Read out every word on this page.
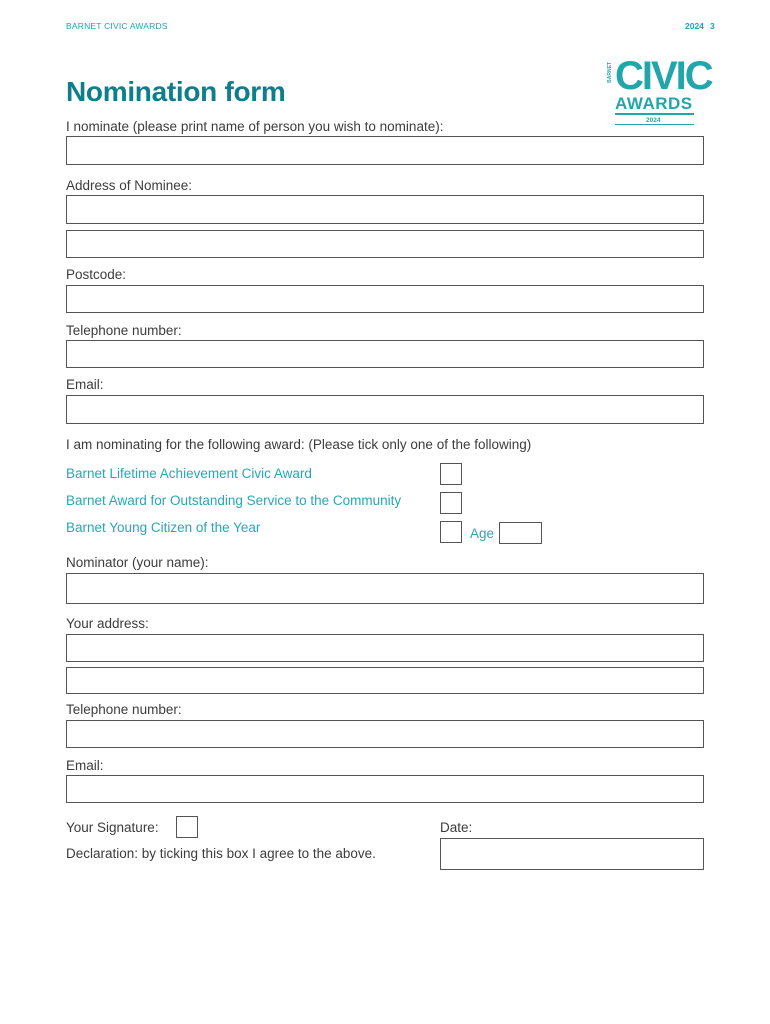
BARNET CIVIC AWARDS	2024 3
CIVIC
BARNET
AWARDS
2024
Nomination form
I nominate (please print name of person you wish to nominate):
Address of Nominee:
Postcode:
Telephone number:
Email:
I am nominating for the following award: (Please tick only one of the following)
Barnet Lifetime Achievement Civic Award
Barnet Award for Outstanding Service to the Community
Barnet Young Citizen of the Year	Age
Nominator (your name):
Your address:
Telephone number:
Email:
Your Signature:	Date:
Declaration: by ticking this box I agree to the above.
